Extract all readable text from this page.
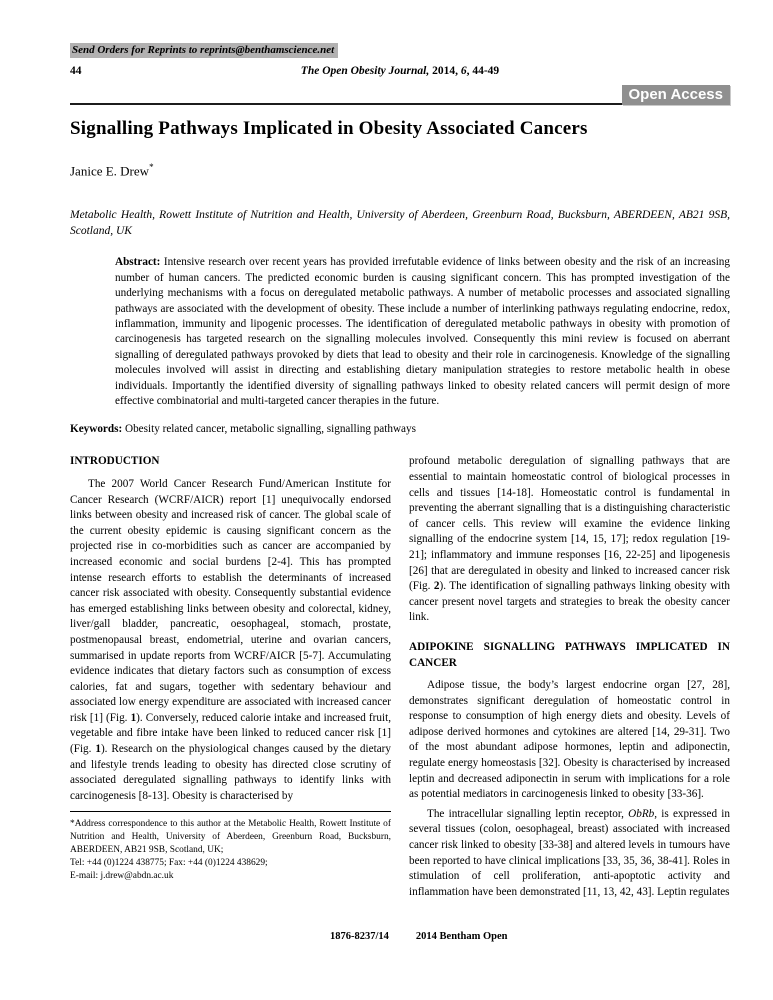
Send Orders for Reprints to reprints@benthamscience.net
44	The Open Obesity Journal, 2014, 6, 44-49
Open Access
Signalling Pathways Implicated in Obesity Associated Cancers
Janice E. Drew*
Metabolic Health, Rowett Institute of Nutrition and Health, University of Aberdeen, Greenburn Road, Bucksburn, ABERDEEN, AB21 9SB, Scotland, UK
Abstract: Intensive research over recent years has provided irrefutable evidence of links between obesity and the risk of an increasing number of human cancers. The predicted economic burden is causing significant concern. This has prompted investigation of the underlying mechanisms with a focus on deregulated metabolic pathways. A number of metabolic processes and associated signalling pathways are associated with the development of obesity. These include a number of interlinking pathways regulating endocrine, redox, inflammation, immunity and lipogenic processes. The identification of deregulated metabolic pathways in obesity with promotion of carcinogenesis has targeted research on the signalling molecules involved. Consequently this mini review is focused on aberrant signalling of deregulated pathways provoked by diets that lead to obesity and their role in carcinogenesis. Knowledge of the signalling molecules involved will assist in directing and establishing dietary manipulation strategies to restore metabolic health in obese individuals. Importantly the identified diversity of signalling pathways linked to obesity related cancers will permit design of more effective combinatorial and multi-targeted cancer therapies in the future.
Keywords: Obesity related cancer, metabolic signalling, signalling pathways
INTRODUCTION
The 2007 World Cancer Research Fund/American Institute for Cancer Research (WCRF/AICR) report [1] unequivocally endorsed links between obesity and increased risk of cancer. The global scale of the current obesity epidemic is causing significant concern as the projected rise in co-morbidities such as cancer are accompanied by increased economic and social burdens [2-4]. This has prompted intense research efforts to establish the determinants of increased cancer risk associated with obesity. Consequently substantial evidence has emerged establishing links between obesity and colorectal, kidney, liver/gall bladder, pancreatic, oesophageal, stomach, prostate, postmenopausal breast, endometrial, uterine and ovarian cancers, summarised in update reports from WCRF/AICR [5-7]. Accumulating evidence indicates that dietary factors such as consumption of excess calories, fat and sugars, together with sedentary behaviour and associated low energy expenditure are associated with increased cancer risk [1] (Fig. 1). Conversely, reduced calorie intake and increased fruit, vegetable and fibre intake have been linked to reduced cancer risk [1] (Fig. 1). Research on the physiological changes caused by the dietary and lifestyle trends leading to obesity has directed close scrutiny of associated deregulated signalling pathways to identify links with carcinogenesis [8-13]. Obesity is characterised by
*Address correspondence to this author at the Metabolic Health, Rowett Institute of Nutrition and Health, University of Aberdeen, Greenburn Road, Bucksburn, ABERDEEN, AB21 9SB, Scotland, UK;
Tel: +44 (0)1224 438775; Fax: +44 (0)1224 438629;
E-mail: j.drew@abdn.ac.uk
profound metabolic deregulation of signalling pathways that are essential to maintain homeostatic control of biological processes in cells and tissues [14-18]. Homeostatic control is fundamental in preventing the aberrant signalling that is a distinguishing characteristic of cancer cells. This review will examine the evidence linking signalling of the endocrine system [14, 15, 17]; redox regulation [19-21]; inflammatory and immune responses [16, 22-25] and lipogenesis [26] that are deregulated in obesity and linked to increased cancer risk (Fig. 2). The identification of signalling pathways linking obesity with cancer present novel targets and strategies to break the obesity cancer link.
ADIPOKINE SIGNALLING PATHWAYS IMPLICATED IN CANCER
Adipose tissue, the body’s largest endocrine organ [27, 28], demonstrates significant deregulation of homeostatic control in response to consumption of high energy diets and obesity. Levels of adipose derived hormones and cytokines are altered [14, 29-31]. Two of the most abundant adipose hormones, leptin and adiponectin, regulate energy homeostasis [32]. Obesity is characterised by increased leptin and decreased adiponectin in serum with implications for a role as potential mediators in carcinogenesis linked to obesity [33-36].
The intracellular signalling leptin receptor, ObRb, is expressed in several tissues (colon, oesophageal, breast) associated with increased cancer risk linked to obesity [33-38] and altered levels in tumours have been reported to have clinical implications [33, 35, 36, 38-41]. Roles in stimulation of cell proliferation, anti-apoptotic activity and inflammation have been demonstrated [11, 13, 42, 43]. Leptin regulates
1876-8237/14	2014 Bentham Open
